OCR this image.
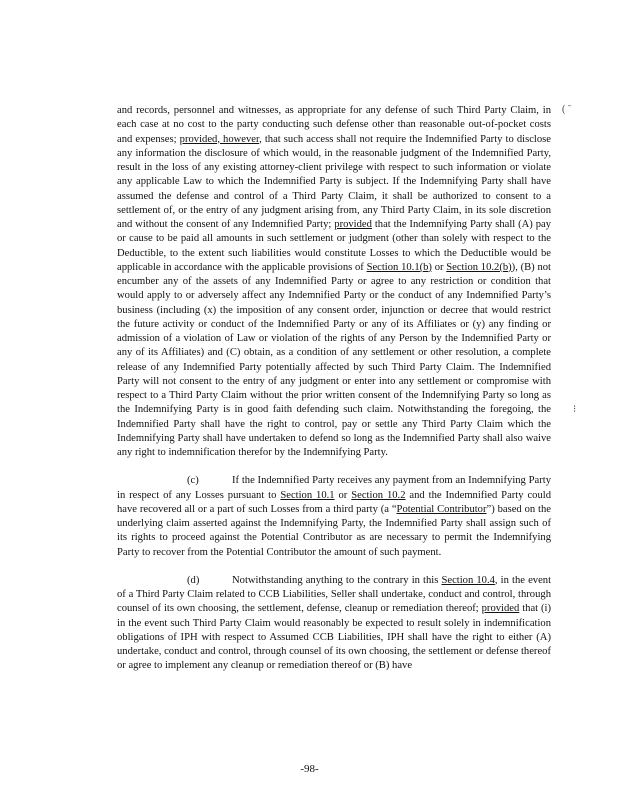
( ˉ
⁝

and records, personnel and witnesses, as appropriate for any defense of such Third Party Claim, in each case at no cost to the party conducting such defense other than reasonable out-of-pocket costs and expenses; provided, however, that such access shall not require the Indemnified Party to disclose any information the disclosure of which would, in the reasonable judgment of the Indemnified Party, result in the loss of any existing attorney-client privilege with respect to such information or violate any applicable Law to which the Indemnified Party is subject. If the Indemnifying Party shall have assumed the defense and control of a Third Party Claim, it shall be authorized to consent to a settlement of, or the entry of any judgment arising from, any Third Party Claim, in its sole discretion and without the consent of any Indemnified Party; provided that the Indemnifying Party shall (A) pay or cause to be paid all amounts in such settlement or judgment (other than solely with respect to the Deductible, to the extent such liabilities would constitute Losses to which the Deductible would be applicable in accordance with the applicable provisions of Section 10.1(b) or Section 10.2(b)), (B) not encumber any of the assets of any Indemnified Party or agree to any restriction or condition that would apply to or adversely affect any Indemnified Party or the conduct of any Indemnified Party’s business (including (x) the imposition of any consent order, injunction or decree that would restrict the future activity or conduct of the Indemnified Party or any of its Affiliates or (y) any finding or admission of a violation of Law or violation of the rights of any Person by the Indemnified Party or any of its Affiliates) and (C) obtain, as a condition of any settlement or other resolution, a complete release of any Indemnified Party potentially affected by such Third Party Claim. The Indemnified Party will not consent to the entry of any judgment or enter into any settlement or compromise with respect to a Third Party Claim without the prior written consent of the Indemnifying Party so long as the Indemnifying Party is in good faith defending such claim. Notwithstanding the foregoing, the Indemnified Party shall have the right to control, pay or settle any Third Party Claim which the Indemnifying Party shall have undertaken to defend so long as the Indemnified Party shall also waive any right to indemnification therefor by the Indemnifying Party.

(c)	If the Indemnified Party receives any payment from an Indemnifying Party in respect of any Losses pursuant to Section 10.1 or Section 10.2 and the Indemnified Party could have recovered all or a part of such Losses from a third party (a “Potential Contributor”) based on the underlying claim asserted against the Indemnifying Party, the Indemnified Party shall assign such of its rights to proceed against the Potential Contributor as are necessary to permit the Indemnifying Party to recover from the Potential Contributor the amount of such payment.

(d)	Notwithstanding anything to the contrary in this Section 10.4, in the event of a Third Party Claim related to CCB Liabilities, Seller shall undertake, conduct and control, through counsel of its own choosing, the settlement, defense, cleanup or remediation thereof; provided that (i) in the event such Third Party Claim would reasonably be expected to result solely in indemnification obligations of IPH with respect to Assumed CCB Liabilities, IPH shall have the right to either (A) undertake, conduct and control, through counsel of its own choosing, the settlement or defense thereof or agree to implement any cleanup or remediation thereof or (B) have

-98-
